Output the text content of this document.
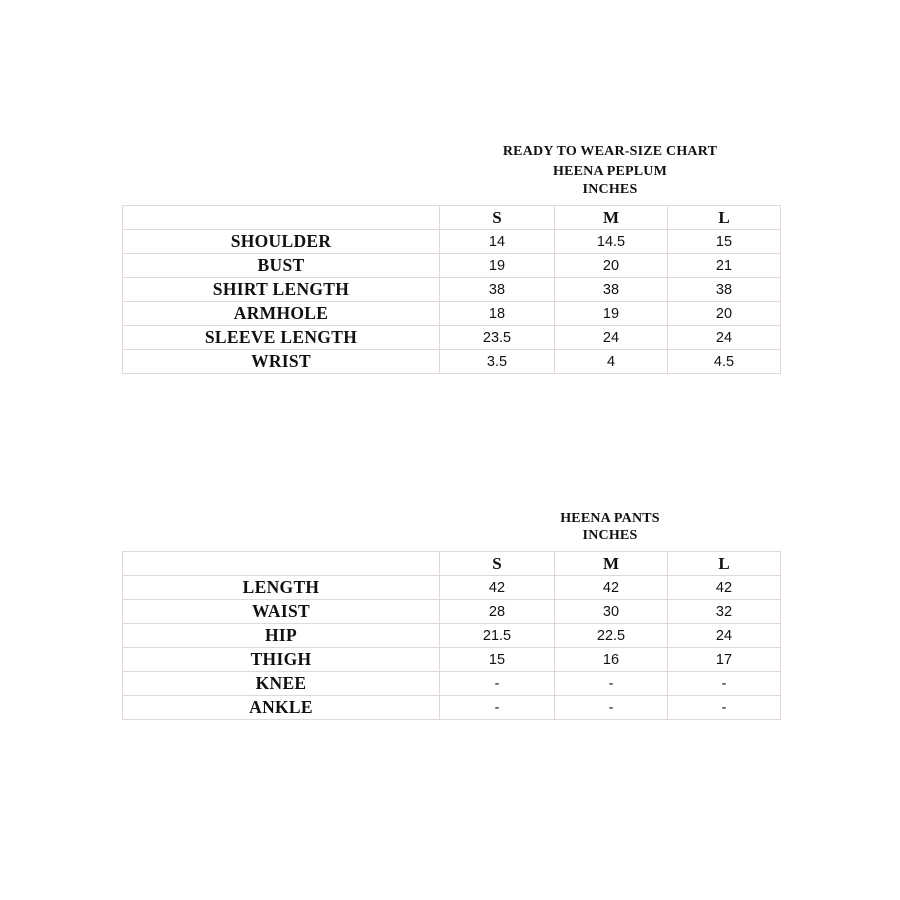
READY TO WEAR-SIZE CHART
HEENA PEPLUM
INCHES
	S	M	L
SHOULDER	14	14.5	15
BUST	19	20	21
SHIRT LENGTH	38	38	38
ARMHOLE	18	19	20
SLEEVE LENGTH	23.5	24	24
WRIST	3.5	4	4.5
HEENA PANTS
INCHES
	S	M	L
LENGTH	42	42	42
WAIST	28	30	32
HIP	21.5	22.5	24
THIGH	15	16	17
KNEE	-	-	-
ANKLE	-	-	-
